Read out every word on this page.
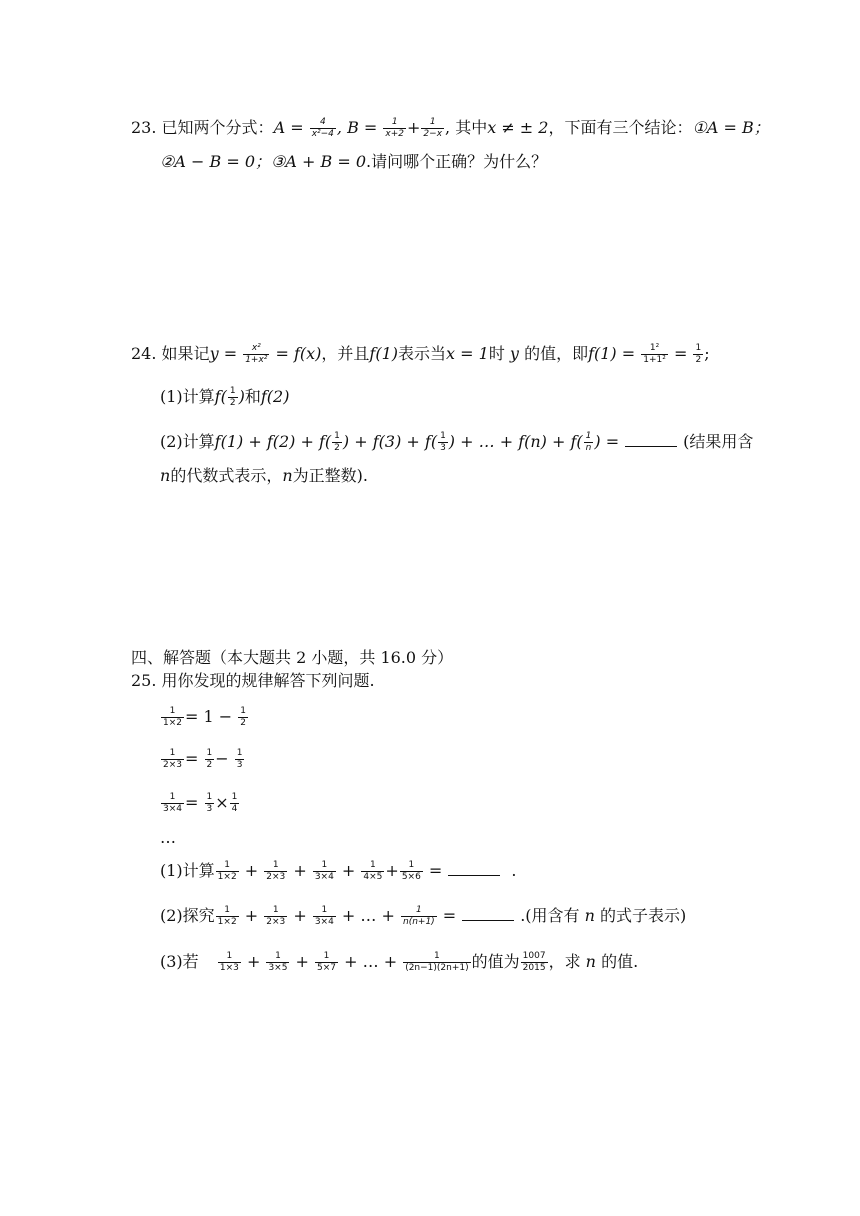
23. 已知两个分式：$A = \frac{4}{\text{x²−4}}$ , $B = \frac{1}{x+2} + \frac{1}{2-x}$ , 其中x ≠ ± 2，下面有三个结论：①A = B；
②A − B = 0；③A + B = 0.请问哪个正确？为什么？
24. 如果记$y = \frac{\text{x²}}{\text{1+x²}} = f(x)$，并且f(1)表示当x = 1时 y 的值，即$f(1) = \frac{\text{1²}}{\text{1+1²}} = \frac{1}{2}$ ;
(1)计算$f( \frac{1}{2}$ )和f(2)
(2)计算$f(1) + f(2) + f( \frac{1}{2}$ ) + $f(3) + f( \frac{1}{3}$ ) + … + $f(n) + f( \frac{1}{n}$ ) =	(结果用含
n的代数式表示，n为正整数).
四、解答题（本大题共 2 小题，共 16.0 分）
25. 用你发现的规律解答下列问题.
$\frac{1}{1\times 2} = 1 - \frac{1}{2}$
$\frac{1}{2\times 3} = \frac{1}{2} - \frac{1}{3}$
$\frac{1}{3\times 4} = \frac{1}{3} \times \frac{1}{4}$
…
(1)计算 $\frac{1}{1\times 2} + \frac{1}{2\times 3} + \frac{1}{3\times 4} + \frac{1}{4\times 5} + \frac{1}{5\times 6}$ =	.
(2)探究 $\frac{1}{1\times 2} + \frac{1}{2\times 3} + \frac{1}{3\times 4}$ + … + $\frac{1}{n(n+1)}$ =	.(用含有 n 的式子表示)
(3)若 $\frac{1}{1\times 3} + \frac{1}{3\times 5} + \frac{1}{5\times 7}$ + … + $\frac{1}{(2n-1)(2n+1)}$ 的值为 $\frac{1007}{2015}$ ，求 n 的值.
